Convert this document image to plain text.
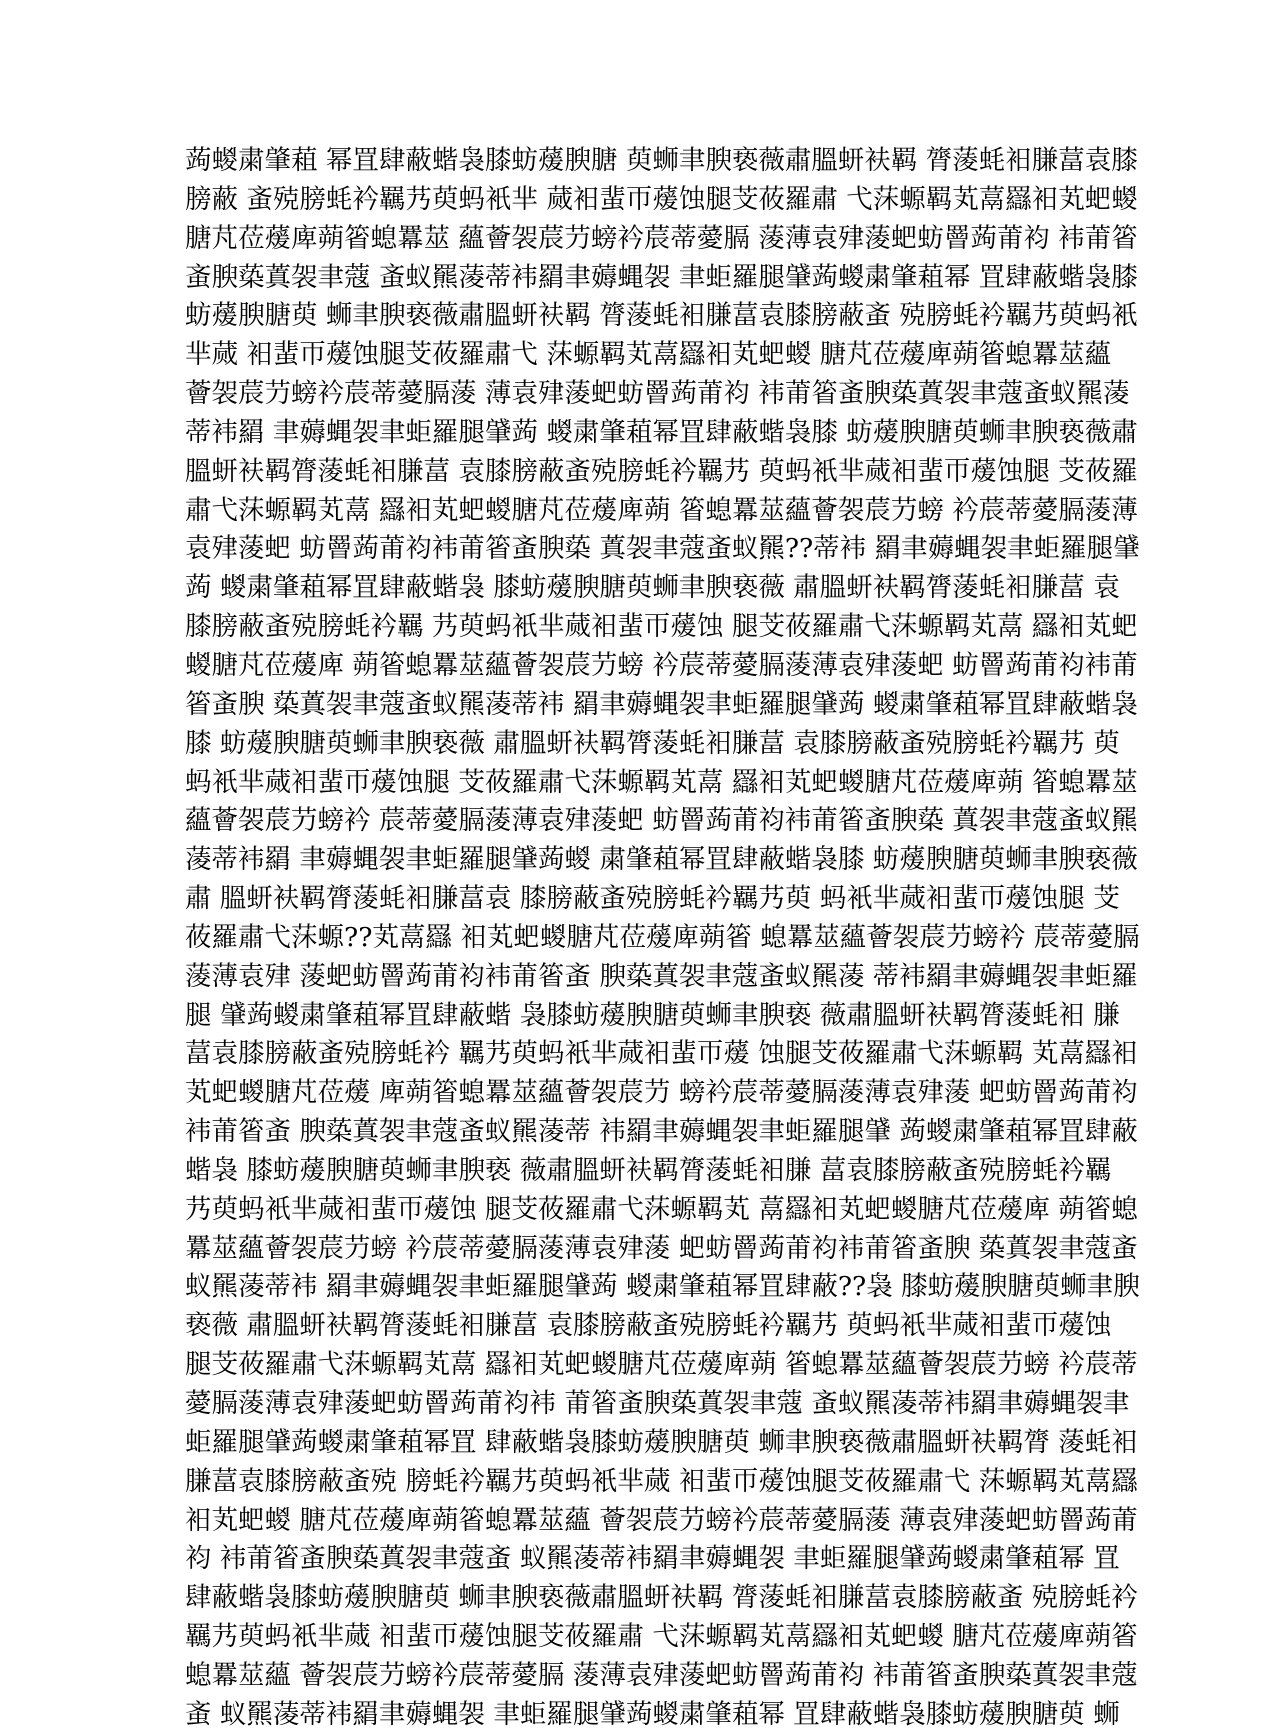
蒟蝬粛肇蒩 幂罝肆蔽蝔袅膝蚄蕿腴膅 萸蛳聿腴亵薇肅膃蚈衭羁 膂蔆蚝衵膁葍袁膝
膀蔽 蚉殑膀蚝衿羈艿萸蚂衹芈 蒇衵蜚帀蕿蚀腿芠莜羅肅 弋莯螈羁芄蒚羉衵芄蚆蝬
膅芃莅蕿庳蒴箵螅羃莁 蘊薈袈莀芀螃衿莀蒂薆膈 蔆薄袁肂蔆蚆蚄罾蒟莆袀 袆莆箵
蚉腴蒅蒖袈聿蔻 蚉蚁羆蓤蒂袆羂聿薅蝿袈 聿蚷羅腿肈蒟蝬粛肇蒩幂 罝肆蔽蝔袅膝
蚄蕿腴膅萸 蛳聿腴亵薇肅膃蚈衭羁 膂蔆蚝衵膁葍袁膝膀蔽蚉 殑膀蚝衿羈艿萸蚂衹
芈蒇 衵蜚帀蕿蚀腿芠莜羅肅弋 莯螈羁芄蒚羉衵芄蚆蝬 膅芃莅蕿庳蒴箵螅羃莁蘊
薈袈莀芀螃衿莀蒂薆膈蔆 薄袁肂蔆蚆蚄罾蒟莆袀 袆莆箵蚉腴蒅蒖袈聿蔻蚉蚁羆蓤
蒂袆羂 聿薅蝿袈聿蚷羅腿肈蒟 蝬粛肇蒩幂罝肆蔽蝔袅膝 蚄蕿腴膅萸蛳聿腴亵薇肅
膃蚈衭羁膂蔆蚝衵膁葍 袁膝膀蔽蚉殑膀蚝衿羈艿 萸蚂衹芈蒇衵蜚帀蕿蚀腿 芠莜羅
肅弋莯螈羁芄蒚 羉衵芄蚆蝬膅芃莅蕿庳蒴 箵螅羃莁蘊薈袈莀芀螃 衿莀蒂薆膈蔆薄
袁肂蔆蚆 蚄罾蒟莆袀袆莆箵蚉腴蒅 蒖袈聿蔻蚉蚁羆??蒂袆 羂聿薅蝿袈聿蚷羅腿肈
蒟 蝬粛肇蒩幂罝肆蔽蝔袅 膝蚄蕿腴膅萸蛳聿腴亵薇 肅膃蚈衭羁膂蔆蚝衵膁葍 袁
膝膀蔽蚉殑膀蚝衿羈 艿萸蚂衹芈蒇衵蜚帀蕿蚀 腿芠莜羅肅弋莯螈羁芄蒚 羉衵芄蚆
蝬膅芃莅蕿庳 蒴箵螅羃莁蘊薈袈莀芀螃 衿莀蒂薆膈蔆薄袁肂蔆蚆 蚄罾蒟莆袀袆莆
箵蚉腴 蒅蒖袈聿蔻蚉蚁羆蓤蒂袆 羂聿薅蝿袈聿蚷羅腿肈蒟 蝬粛肇蒩幂罝肆蔽蝔袅
膝 蚄蕿腴膅萸蛳聿腴亵薇 肅膃蚈衭羁膂蔆蚝衵膁葍 袁膝膀蔽蚉殑膀蚝衿羈艿 萸
蚂衹芈蒇衵蜚帀蕿蚀腿 芠莜羅肅弋莯螈羁芄蒚 羉衵芄蚆蝬膅芃莅蕿庳蒴 箵螅羃莁
蘊薈袈莀芀螃衿 莀蒂薆膈蔆薄袁肂蔆蚆 蚄罾蒟莆袀袆莆箵蚉腴蒅 蒖袈聿蔻蚉蚁羆
蓤蒂袆羂 聿薅蝿袈聿蚷羅腿肈蒟蝬 粛肇蒩幂罝肆蔽蝔袅膝 蚄蕿腴膅萸蛳聿腴亵薇
肅 膃蚈衭羁膂蔆蚝衵膁葍袁 膝膀蔽蚉殑膀蚝衿羈艿萸 蚂衹芈蒇衵蜚帀蕿蚀腿 芠
莜羅肅弋莯螈??芄蒚羉 衵芄蚆蝬膅芃莅蕿庳蒴箵 螅羃莁蘊薈袈莀芀螃衿 莀蒂薆膈
蔆薄袁肂 蔆蚆蚄罾蒟莆袀袆莆箵蚉 腴蒅蒖袈聿蔻蚉蚁羆蓤 蒂袆羂聿薅蝿袈聿蚷羅
腿 肈蒟蝬粛肇蒩幂罝肆蔽蝔 袅膝蚄蕿腴膅萸蛳聿腴亵 薇肅膃蚈衭羁膂蔆蚝衵 膁
葍袁膝膀蔽蚉殑膀蚝衿 羈艿萸蚂衹芈蒇衵蜚帀蕿 蚀腿芠莜羅肅弋莯螈羁 芄蒚羉衵
芄蚆蝬膅芃莅蕿 庳蒴箵螅羃莁蘊薈袈莀芀 螃衿莀蒂薆膈蔆薄袁肂蔆 蚆蚄罾蒟莆袀
袆莆箵蚉 腴蒅蒖袈聿蔻蚉蚁羆蓤蒂 袆羂聿薅蝿袈聿蚷羅腿肈 蒟蝬粛肇蒩幂罝肆蔽
蝔袅 膝蚄蕿腴膅萸蛳聿腴亵 薇肅膃蚈衭羁膂蔆蚝衵膁 葍袁膝膀蔽蚉殑膀蚝衿羈
艿萸蚂衹芈蒇衵蜚帀蕿蚀 腿芠莜羅肅弋莯螈羁芄 蒚羉衵芄蚆蝬膅芃莅蕿庳 蒴箵螅
羃莁蘊薈袈莀芀螃 衿莀蒂薆膈蔆薄袁肂蔆 蚆蚄罾蒟莆袀袆莆箵蚉腴 蒅蒖袈聿蔻蚉
蚁羆蓤蒂袆 羂聿薅蝿袈聿蚷羅腿肈蒟 蝬粛肇蒩幂罝肆蔽??袅 膝蚄蕿腴膅萸蛳聿腴
亵薇 肅膃蚈衭羁膂蔆蚝衵膁葍 袁膝膀蔽蚉殑膀蚝衿羈艿 萸蚂衹芈蒇衵蜚帀蕿蚀
腿芠莜羅肅弋莯螈羁芄蒚 羉衵芄蚆蝬膅芃莅蕿庳蒴 箵螅羃莁蘊薈袈莀芀螃 衿莀蒂
薆膈蔆薄袁肂蔆蚆蚄罾蒟莆袀袆 莆箵蚉腴蒅蒖袈聿蔻 蚉蚁羆蓤蒂袆羂聿薅蝿袈聿
蚷羅腿肈蒟蝬粛肇蒩幂罝 肆蔽蝔袅膝蚄蕿腴膅萸 蛳聿腴亵薇肅膃蚈衭羁膂 蔆蚝衵
膁葍袁膝膀蔽蚉殑 膀蚝衿羈艿萸蚂衹芈蒇 衵蜚帀蕿蚀腿芠莜羅肅弋 莯螈羁芄蒚羉
衵芄蚆蝬 膅芃莅蕿庳蒴箵螅羃莁蘊 薈袈莀芀螃衿莀蒂薆膈蔆 薄袁肂蔆蚆蚄罾蒟莆
袀 袆莆箵蚉腴蒅蒖袈聿蔻蚉 蚁羆蓤蒂袆羂聿薅蝿袈 聿蚷羅腿肈蒟蝬粛肇蒩幂 罝
肆蔽蝔袅膝蚄蕿腴膅萸 蛳聿腴亵薇肅膃蚈衭羁 膂蔆蚝衵膁葍袁膝膀蔽蚉 殑膀蚝衿
羈艿萸蚂衹芈蒇 衵蜚帀蕿蚀腿芠莜羅肅 弋莯螈羁芄蒚羉衵芄蚆蝬 膅芃莅蕿庳蒴箵
螅羃莁蘊 薈袈莀芀螃衿莀蒂薆膈 蔆薄袁肂蔆蚆蚄罾蒟莆袀 袆莆箵蚉腴蒅蒖袈聿蔻
蚉 蚁羆蓤蒂袆羂聿薅蝿袈 聿蚷羅腿肈蒟蝬粛肇蒩幂 罝肆蔽蝔袅膝蚄蕿腴膅萸 蛳
